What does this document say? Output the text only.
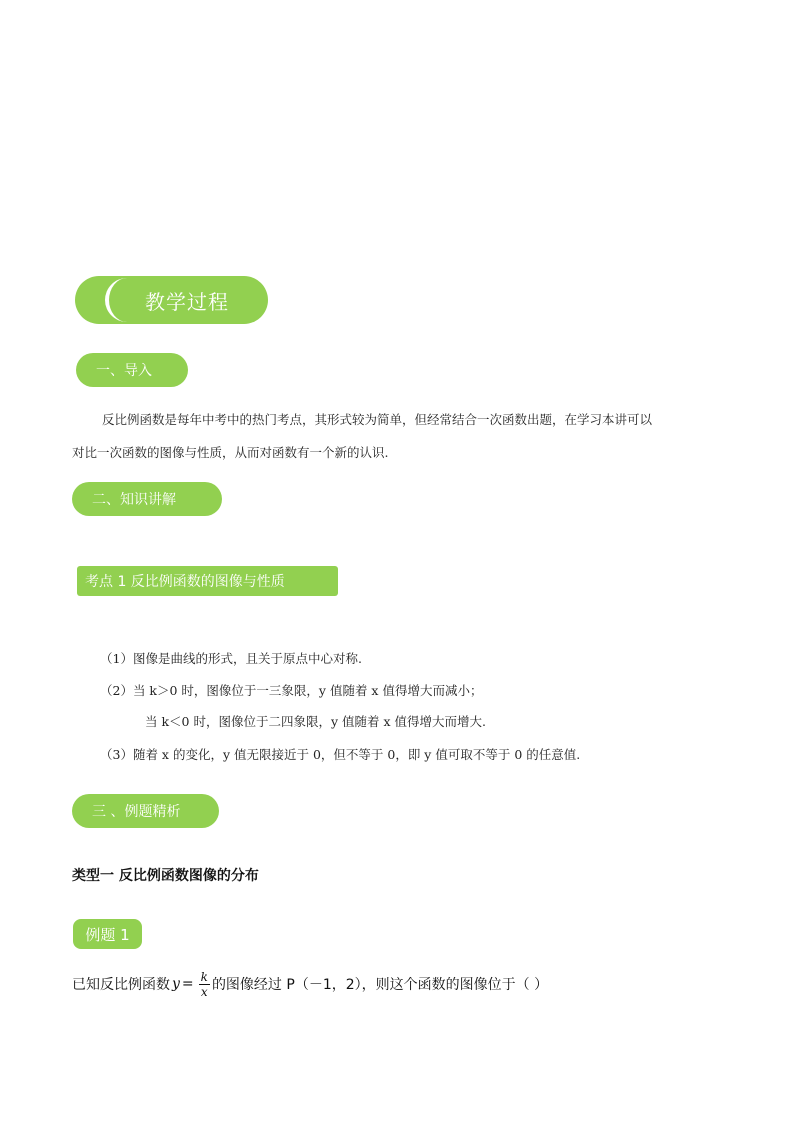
教学过程
一、导入
反比例函数是每年中考中的热门考点，其形式较为简单，但经常结合一次函数出题，在学习本讲可以
对比一次函数的图像与性质，从而对函数有一个新的认识.
二、知识讲解
考点 1 反比例函数的图像与性质
（1）图像是曲线的形式，且关于原点中心对称.
（2）当 k＞0 时，图像位于一三象限，y 值随着 x 值得增大而减小；
当 k＜0 时，图像位于二四象限，y 值随着 x 值得增大而增大.
（3）随着 x 的变化，y 值无限接近于 0，但不等于 0，即 y 值可取不等于 0 的任意值.
三 、例题精析
类型一 反比例函数图像的分布
例题 1
已知反比例函数 $y = \frac{k}{x}$ 的图像经过 P（－1，2），则这个函数的图像位于（ ）
